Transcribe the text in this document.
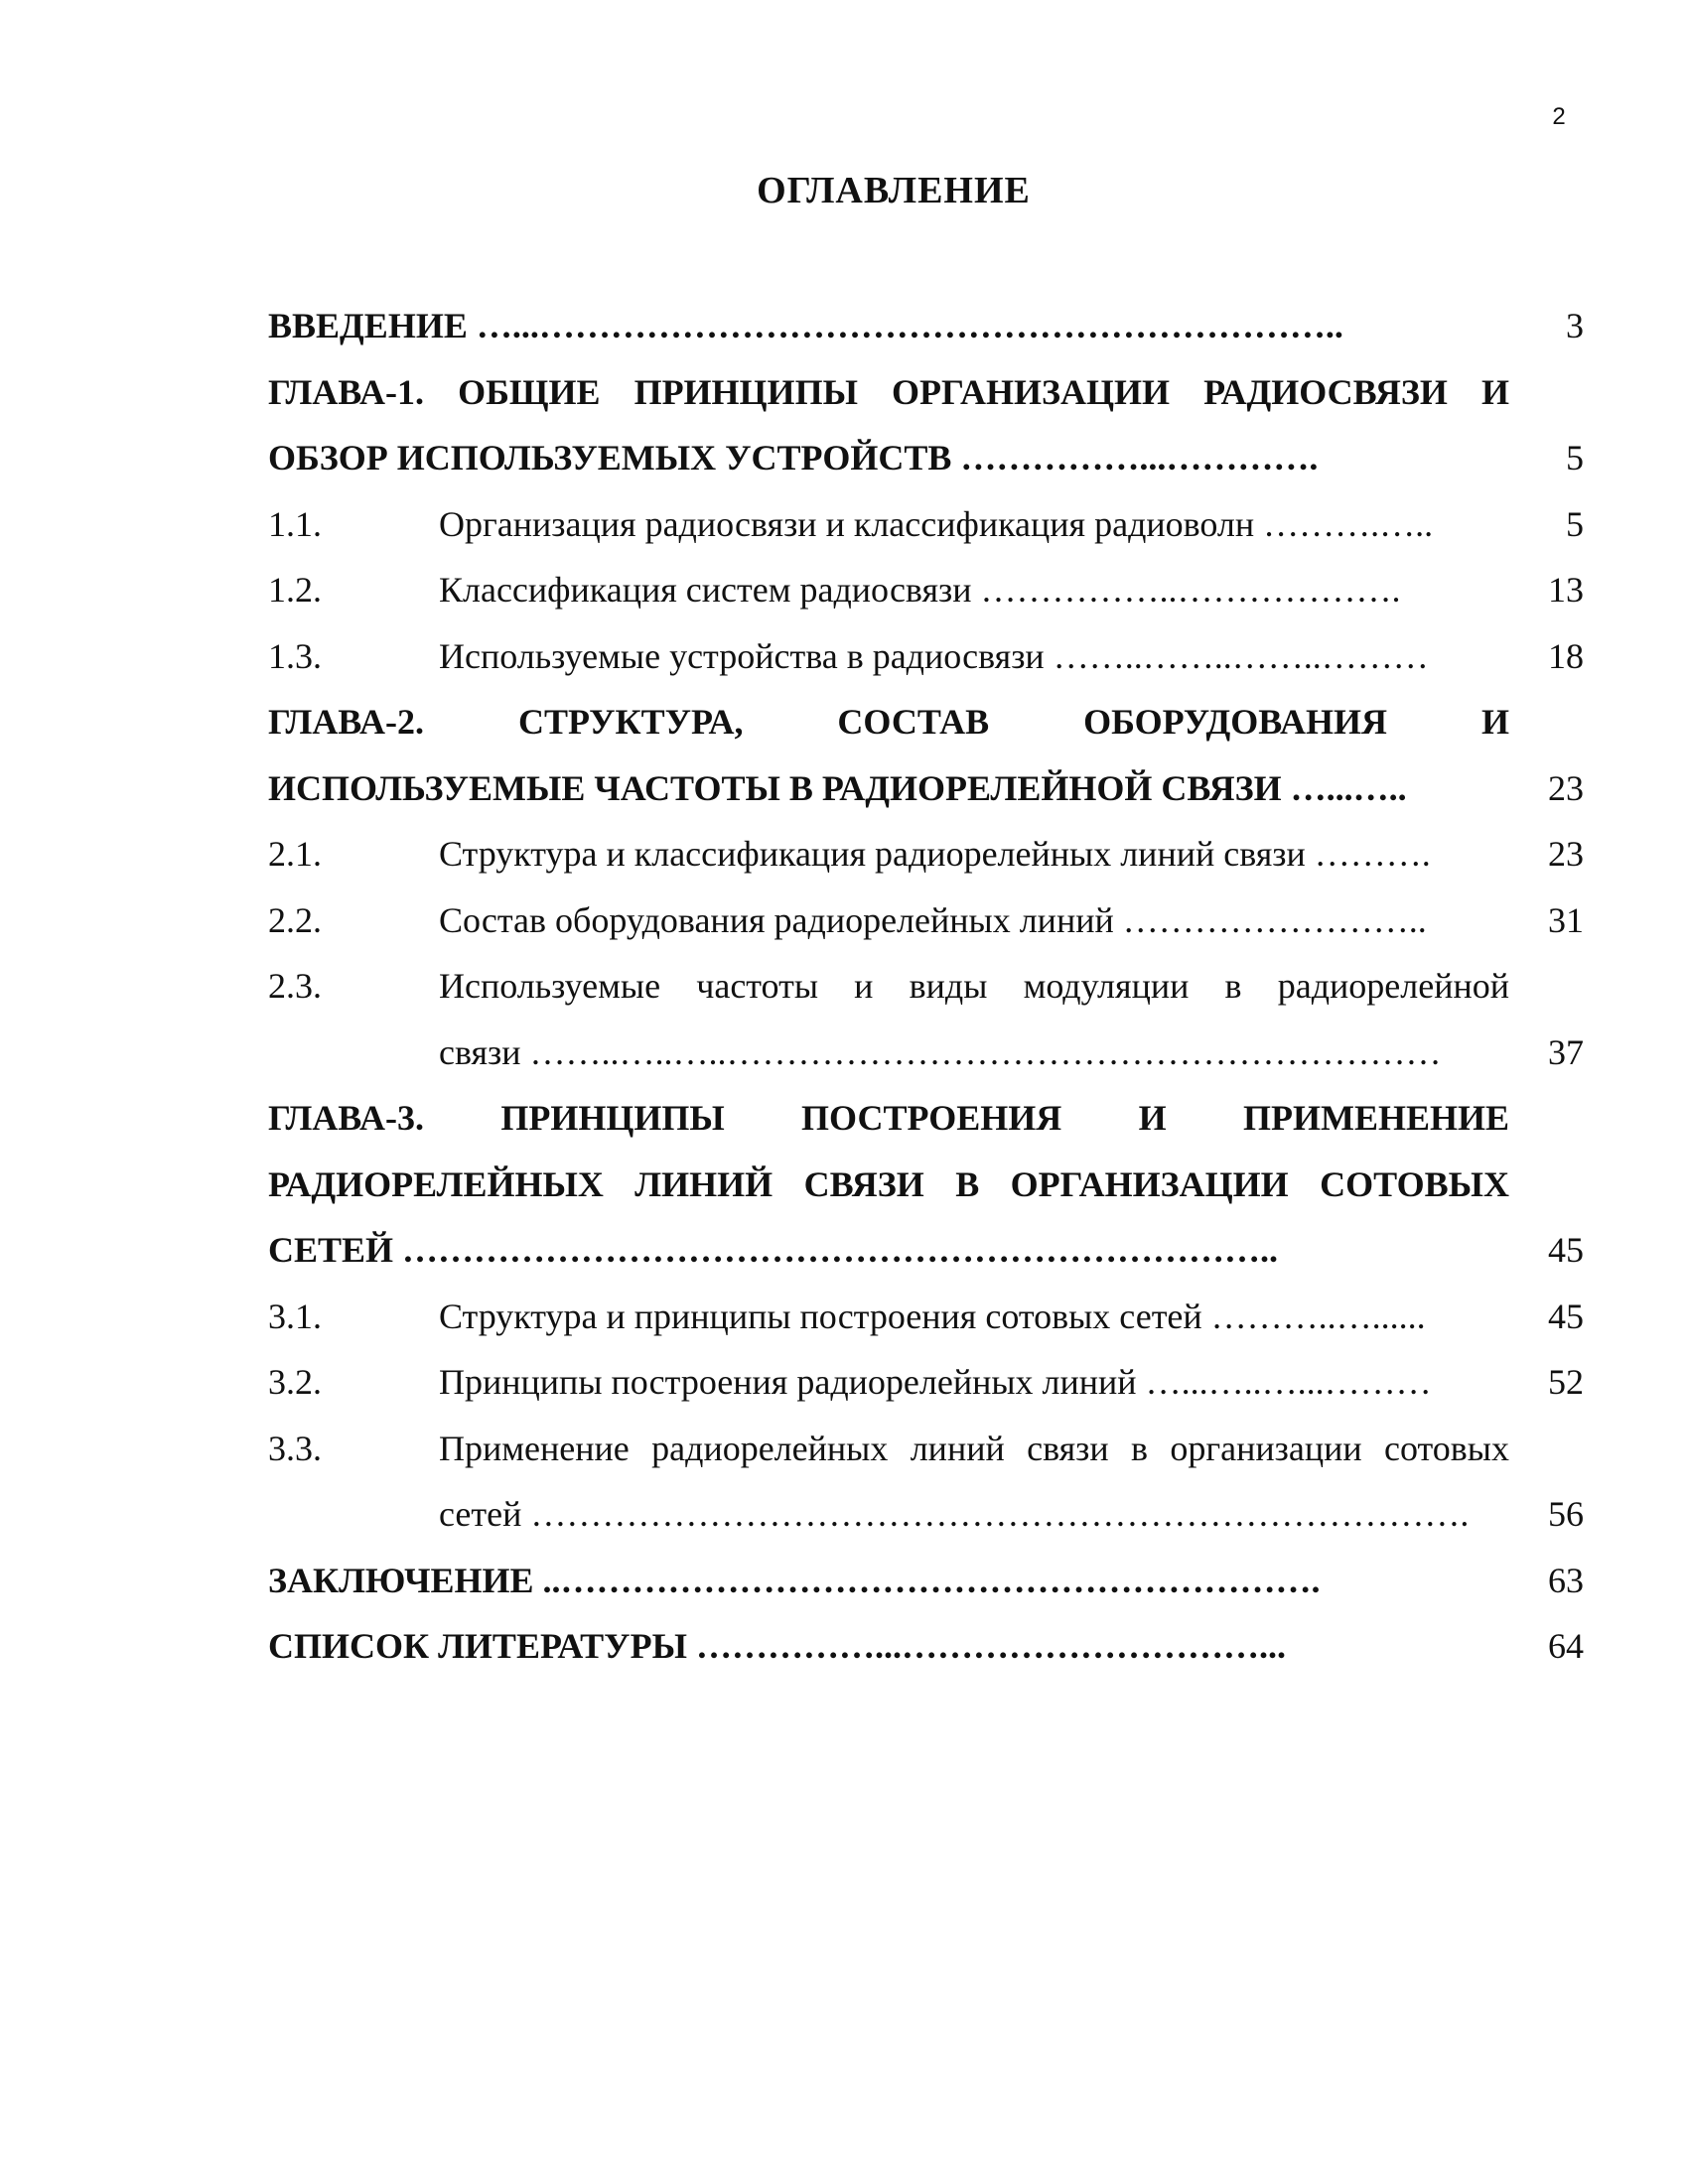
2
ОГЛАВЛЕНИЕ
ВВЕДЕНИЕ …...…………………………………………………………..	3
ГЛАВА-1. ОБЩИЕ ПРИНЦИПЫ ОРГАНИЗАЦИИ РАДИОСВЯЗИ И
ОБЗОР ИСПОЛЬЗУЕМЫХ УСТРОЙСТВ ……………...………….	5
1.1.	Организация радиосвязи и классификация радиоволн ……….…..	5
1.2.	Классификация систем радиосвязи ……………..……………….	13
1.3.	Используемые устройства в радиосвязи ……..……..……..………	18
ГЛАВА-2. СТРУКТУРА, СОСТАВ ОБОРУДОВАНИЯ И
ИСПОЛЬЗУЕМЫЕ ЧАСТОТЫ В РАДИОРЕЛЕЙНОЙ СВЯЗИ …...…..	23
2.1.	Структура и классификация радиорелейных линий связи ……….	23
2.2.	Состав оборудования радиорелейных линий ……………………..	31
2.3.	Используемые частоты и виды модуляции в радиорелейной
связи ……..…..…..……………………………………………………	37
ГЛАВА-3. ПРИНЦИПЫ ПОСТРОЕНИЯ И ПРИМЕНЕНИЕ
РАДИОРЕЛЕЙНЫХ ЛИНИЙ СВЯЗИ В ОРГАНИЗАЦИИ СОТОВЫХ
СЕТЕЙ ………………………………………………………………..	45
3.1.	Структура и принципы построения сотовых сетей ………..…......	45
3.2.	Принципы построения радиорелейных линий …...…..…...………	52
3.3.	Применение радиорелейных линий связи в организации сотовых
сетей …………………………………………………………………….	56
ЗАКЛЮЧЕНИЕ ..……………………………………………………….	63
СПИСОК ЛИТЕРАТУРЫ ……………...…………………………...	64
